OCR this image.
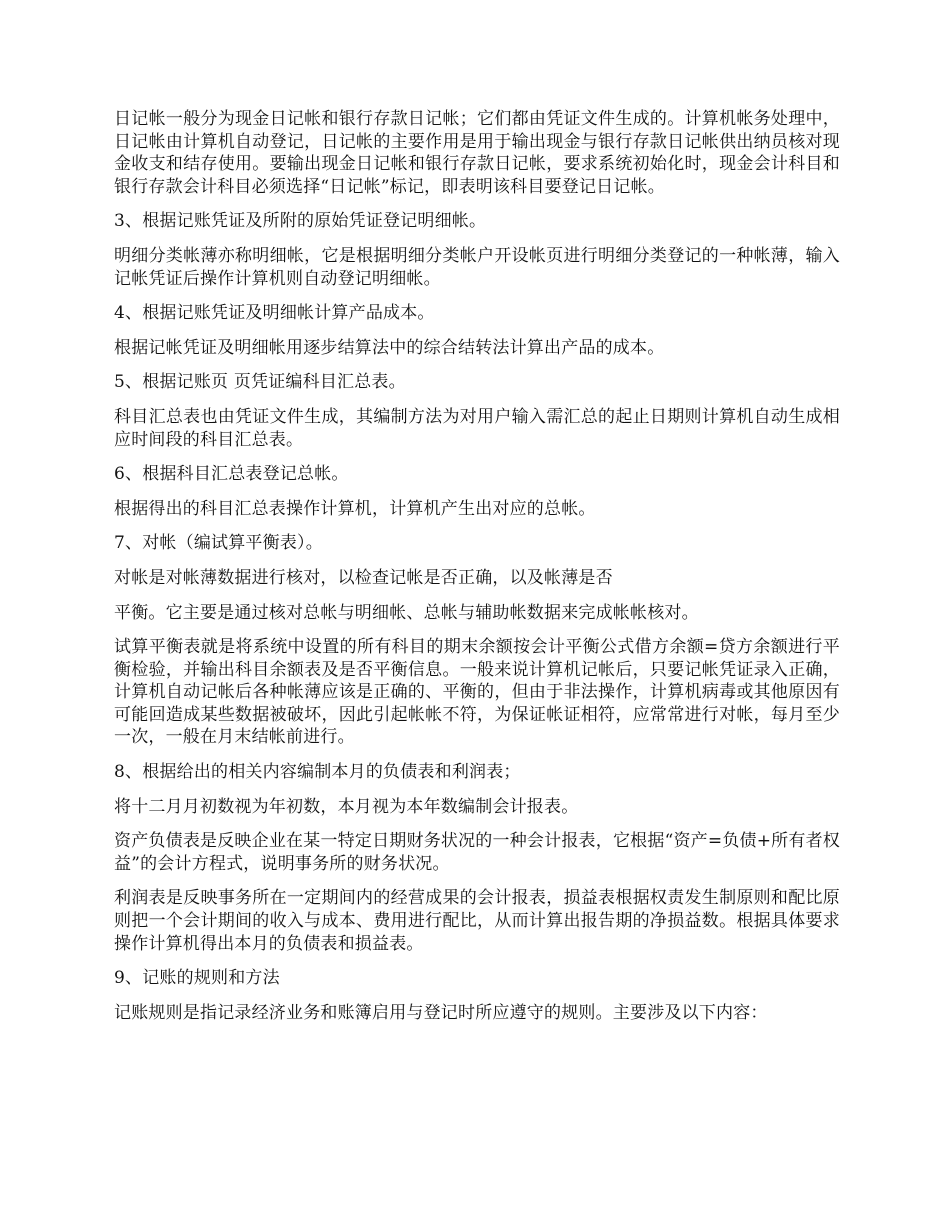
日记帐一般分为现金日记帐和银行存款日记帐；它们都由凭证文件生成的。计算机帐务处理中，日记帐由计算机自动登记，日记帐的主要作用是用于输出现金与银行存款日记帐供出纳员核对现金收支和结存使用。要输出现金日记帐和银行存款日记帐，要求系统初始化时，现金会计科目和银行存款会计科目必须选择“日记帐”标记，即表明该科目要登记日记帐。

3、根据记账凭证及所附的原始凭证登记明细帐。

明细分类帐薄亦称明细帐，它是根据明细分类帐户开设帐页进行明细分类登记的一种帐薄，输入记帐凭证后操作计算机则自动登记明细帐。

4、根据记账凭证及明细帐计算产品成本。

根据记帐凭证及明细帐用逐步结算法中的综合结转法计算出产品的成本。

5、根据记账页 页凭证编科目汇总表。

科目汇总表也由凭证文件生成，其编制方法为对用户输入需汇总的起止日期则计算机自动生成相应时间段的科目汇总表。

6、根据科目汇总表登记总帐。

根据得出的科目汇总表操作计算机，计算机产生出对应的总帐。

7、对帐（编试算平衡表）。

对帐是对帐薄数据进行核对，以检查记帐是否正确，以及帐薄是否

平衡。它主要是通过核对总帐与明细帐、总帐与辅助帐数据来完成帐帐核对。

试算平衡表就是将系统中设置的所有科目的期末余额按会计平衡公式借方余额=贷方余额进行平衡检验，并输出科目余额表及是否平衡信息。一般来说计算机记帐后，只要记帐凭证录入正确，计算机自动记帐后各种帐薄应该是正确的、平衡的，但由于非法操作，计算机病毒或其他原因有可能回造成某些数据被破坏，因此引起帐帐不符，为保证帐证相符，应常常进行对帐，每月至少一次，一般在月末结帐前进行。

8、根据给出的相关内容编制本月的负债表和利润表；

将十二月月初数视为年初数，本月视为本年数编制会计报表。

资产负债表是反映企业在某一特定日期财务状况的一种会计报表，它根据“资产=负债+所有者权益”的会计方程式，说明事务所的财务状况。

利润表是反映事务所在一定期间内的经营成果的会计报表，损益表根据权责发生制原则和配比原则把一个会计期间的收入与成本、费用进行配比，从而计算出报告期的净损益数。根据具体要求操作计算机得出本月的负债表和损益表。

9、记账的规则和方法

记账规则是指记录经济业务和账簿启用与登记时所应遵守的规则。主要涉及以下内容：
